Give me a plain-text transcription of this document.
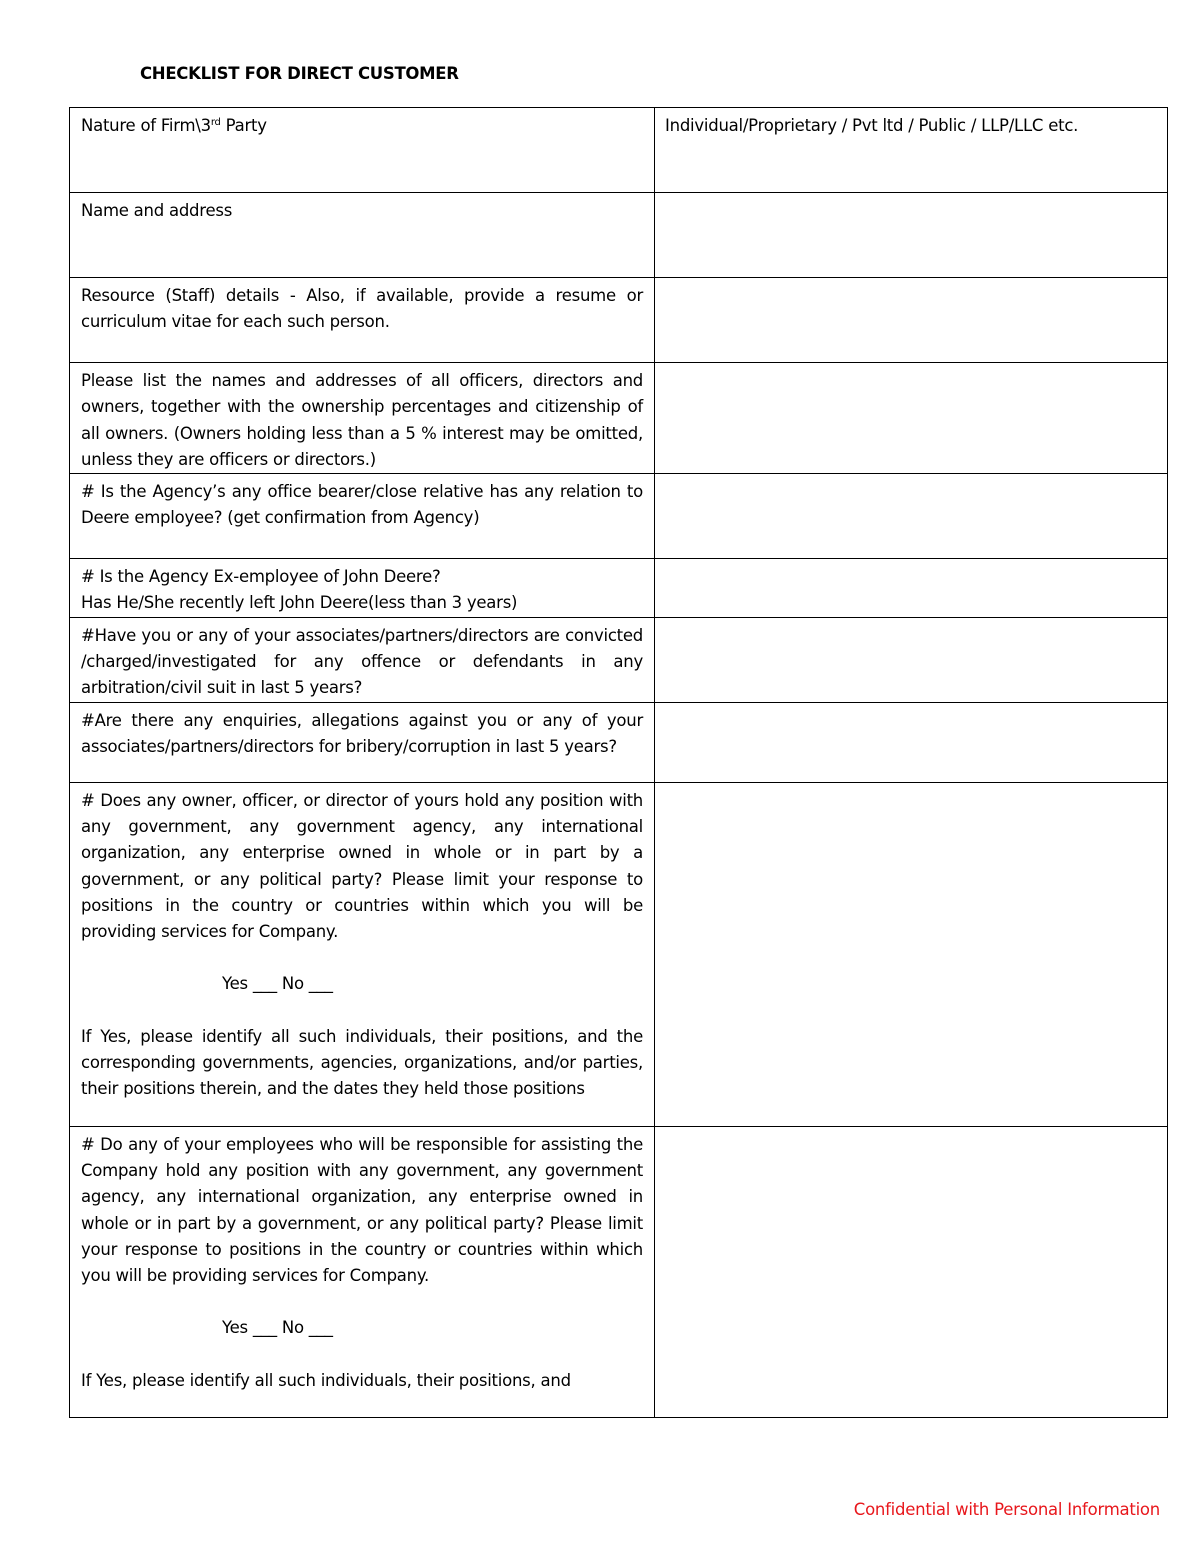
CHECKLIST FOR DIRECT CUSTOMER
Nature of Firm\3rd Party	Individual/Proprietary / Pvt ltd / Public / LLP/LLC etc.
Name and address	

Resource (Staff) details - Also, if available, provide a resume or curriculum vitae for each such person.	

Please list the names and addresses of all officers, directors and owners, together with the ownership percentages and citizenship of all owners. (Owners holding less than a 5 % interest may be omitted, unless they are officers or directors.)	

# Is the Agency’s any office bearer/close relative has any relation to Deere employee? (get confirmation from Agency)	

# Is the Agency Ex-employee of John Deere?
Has He/She recently left John Deere(less than 3 years)	

#Have you or any of your associates/partners/directors are convicted /charged/investigated for any offence or defendants in any arbitration/civil suit in last 5 years?	

#Are there any enquiries, allegations against you or any of your associates/partners/directors for bribery/corruption in last 5 years?	

# Does any owner, officer, or director of yours hold any position with any government, any government agency, any international organization, any enterprise owned in whole or in part by a government, or any political party? Please limit your response to positions in the country or countries within which you will be providing services for Company.
Yes ___ No ___
If Yes, please identify all such individuals, their positions, and the corresponding governments, agencies, organizations, and/or parties, their positions therein, and the dates they held those positions	

# Do any of your employees who will be responsible for assisting the Company hold any position with any government, any government agency, any international organization, any enterprise owned in whole or in part by a government, or any political party? Please limit your response to positions in the country or countries within which you will be providing services for Company.
Yes ___ No ___
If Yes, please identify all such individuals, their positions, and	

Confidential with Personal Information
